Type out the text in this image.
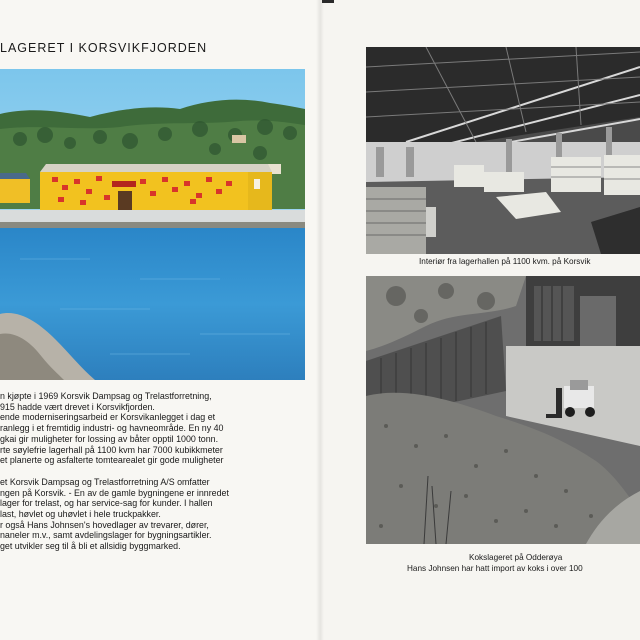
LAGERET I KORSVIKFJORDEN
n kjøpte i 1969 Korsvik Dampsag og Trelastforretning,
915 hadde vært drevet i Korsvikfjorden.
ende moderniseringsarbeid er Korsvikanlegget i dag et
ranlegg i et fremtidig industri- og havneområde. En ny 40
gkai gir muligheter for lossing av båter opptil 1000 tonn.
rte søylefrie lagerhall på 1100 kvm har 7000 kubikkmeter
et planerte og asfalterte tomtearealet gir gode muligheter
et Korsvik Dampsag og Trelastforretning A/S omfatter
ngen på Korsvik. - En av de gamle bygningene er innredet
lager for trelast, og har service-sag for kunder. I hallen
last, høvlet og uhøvlet i hele truckpakker.
r også Hans Johnsen's hovedlager av trevarer, dører,
naneler m.v., samt avdelingslager for bygningsartikler.
get utvikler seg til å bli et allsidig byggmarked.
Interiør fra lagerhallen på 1100 kvm. på Korsvik
Kokslageret på Odderøya
Hans Johnsen har hatt import av koks i over 100
